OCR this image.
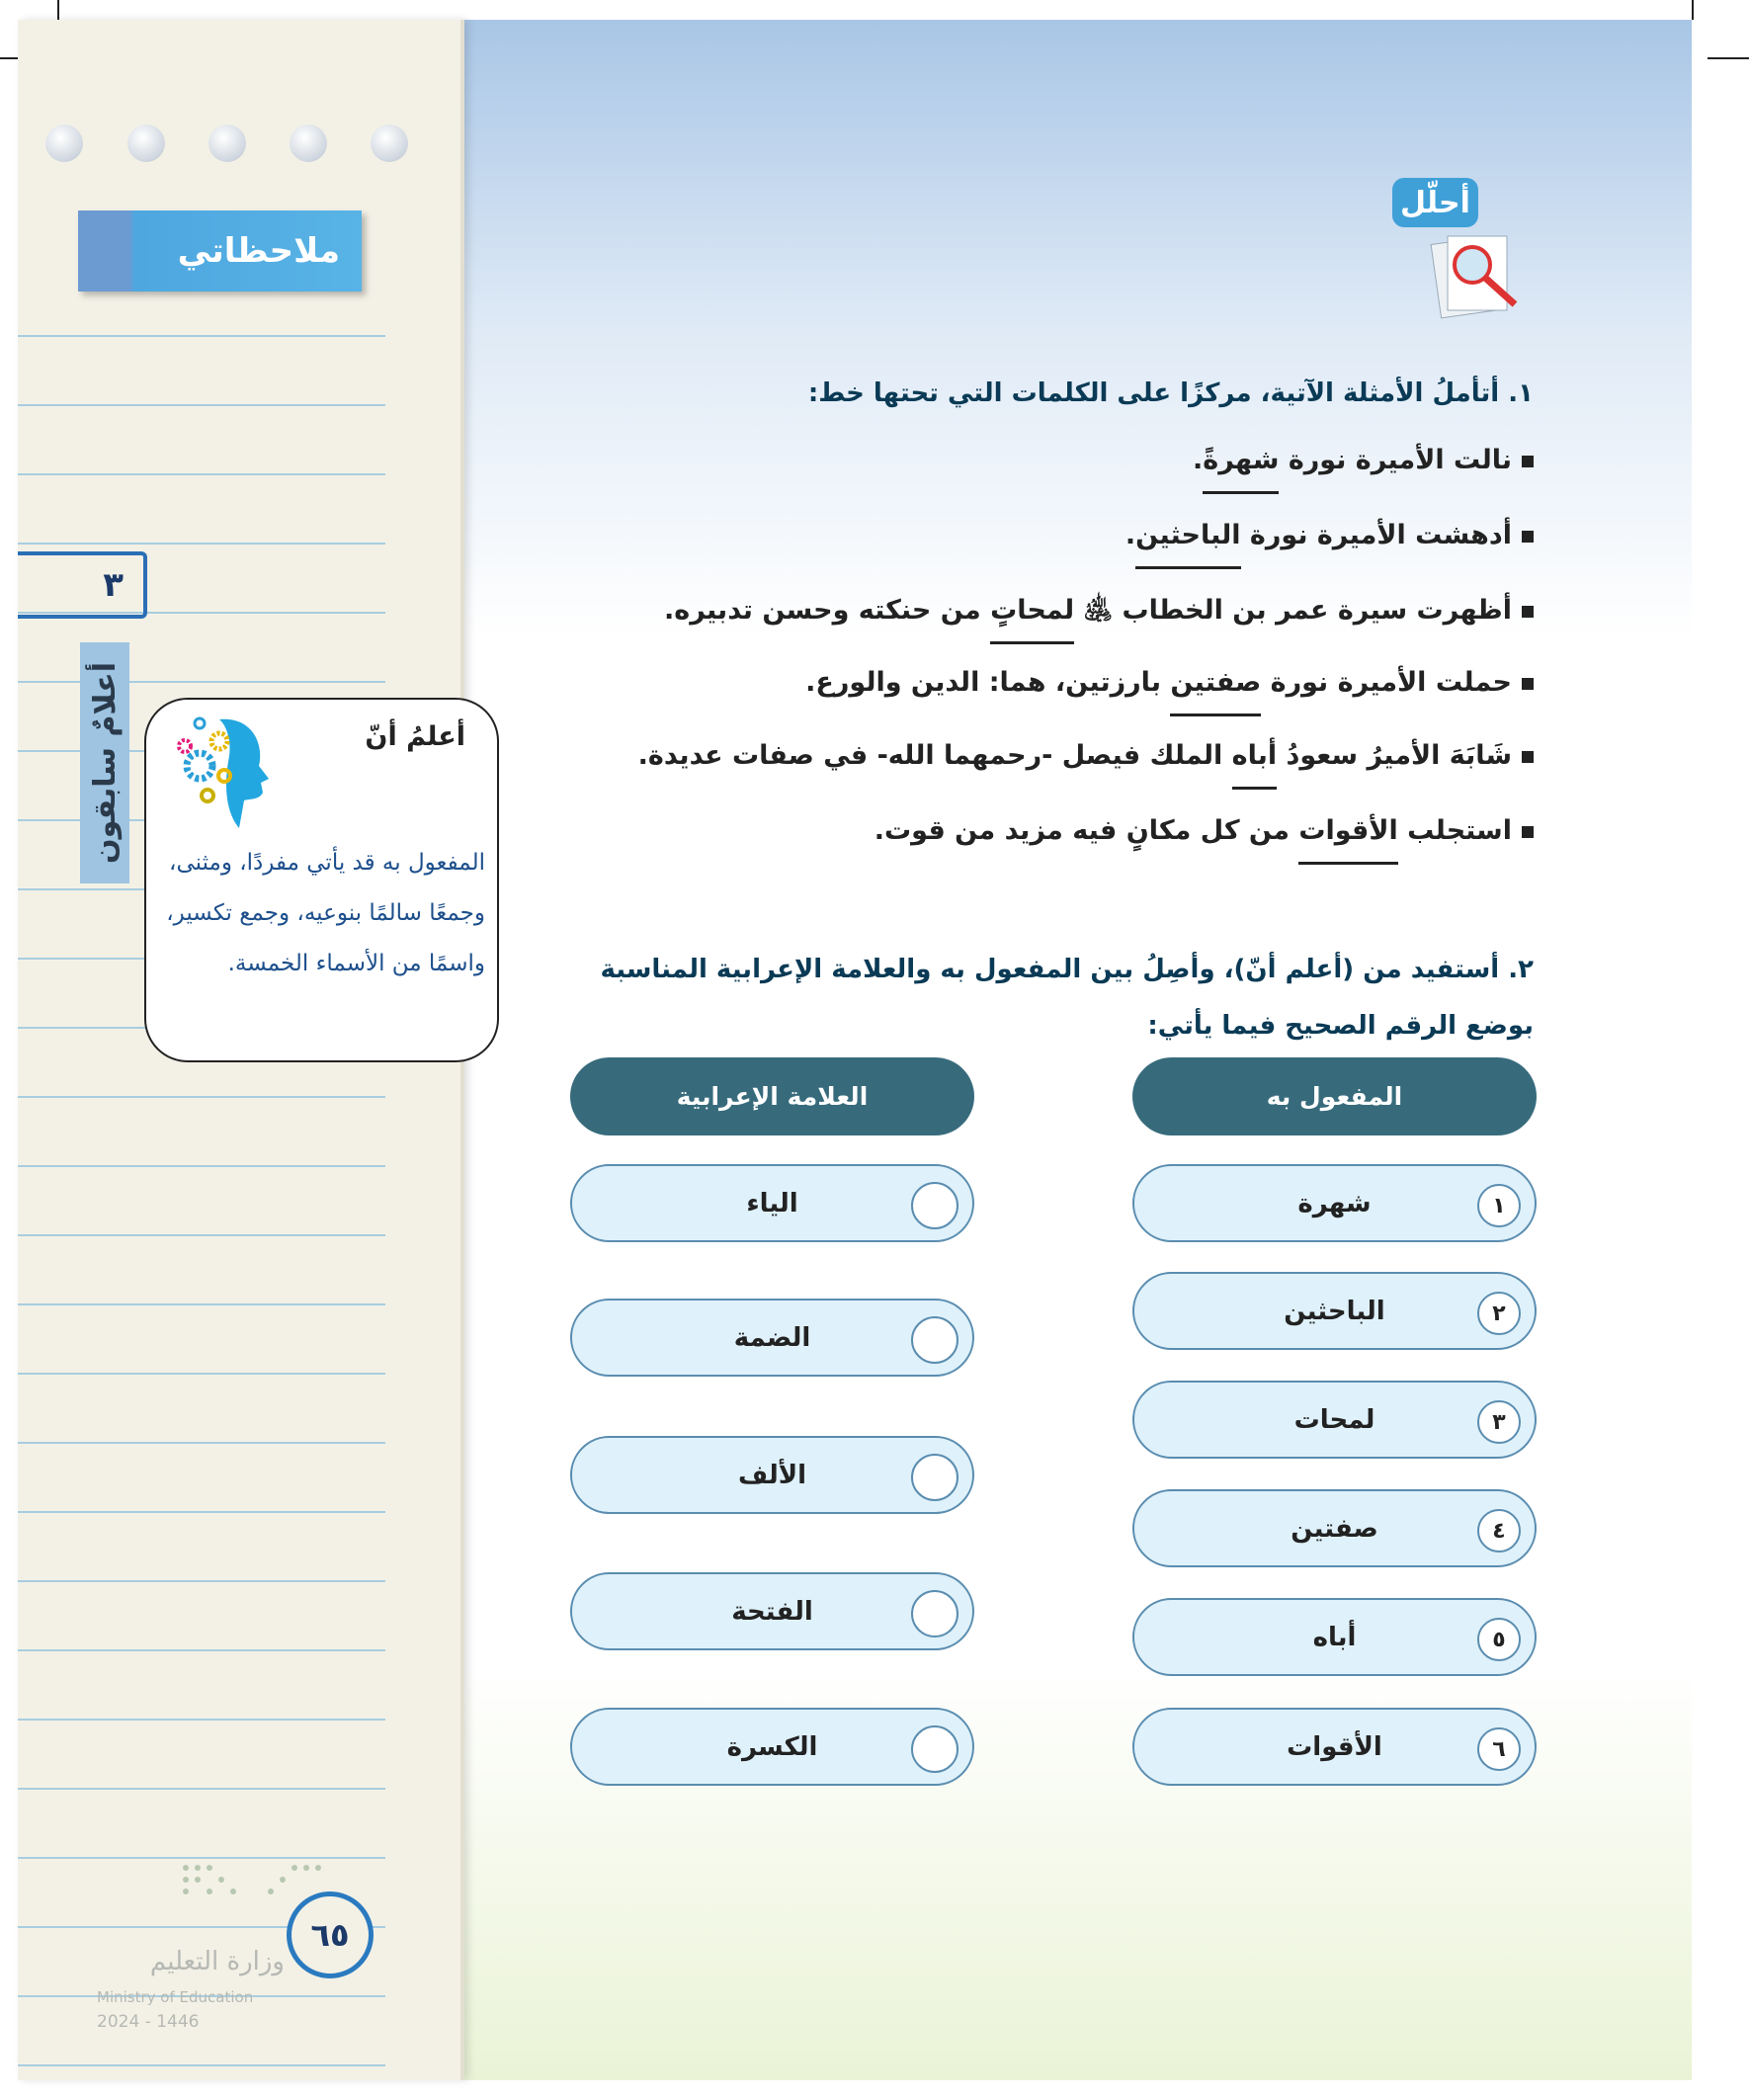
ملاحظاتي
٣
أعلامٌ سابقون	أعلمُ أنّ
المفعول به قد يأتي مفردًا، ومثنى، وجمعًا سالمًا بنوعيه، وجمع تكسير، واسمًا من الأسماء الخمسة.
وزارة التعليم
Ministry of Education
2024 - 1446
٦٥
أحلّل
١. أتأملُ الأمثلة الآتية، مركزًا على الكلمات التي تحتها خط:
نالت الأميرة نورة شهرةً.
أدهشت الأميرة نورة الباحثين.
أظهرت سيرة عمر بن الخطاب ﵁ لمحاتٍ من حنكته وحسن تدبيره.
حملت الأميرة نورة صفتين بارزتين، هما: الدين والورع.
شَابَهَ الأميرُ سعودُ أباه الملك فيصل -رحمهما الله- في صفات عديدة.
استجلب الأقوات من كل مكانٍ فيه مزيد من قوت.
٢. أستفيد من (أعلم أنّ)، وأصِلُ بين المفعول به والعلامة الإعرابية المناسبة
بوضع الرقم الصحيح فيما يأتي:
المفعول به
العلامة الإعرابية
١
شهرة
٢
الباحثين
٣
لمحات
٤
صفتين
٥
أباه
٦
الأقوات
الياء
الضمة
الألف
الفتحة
الكسرة
